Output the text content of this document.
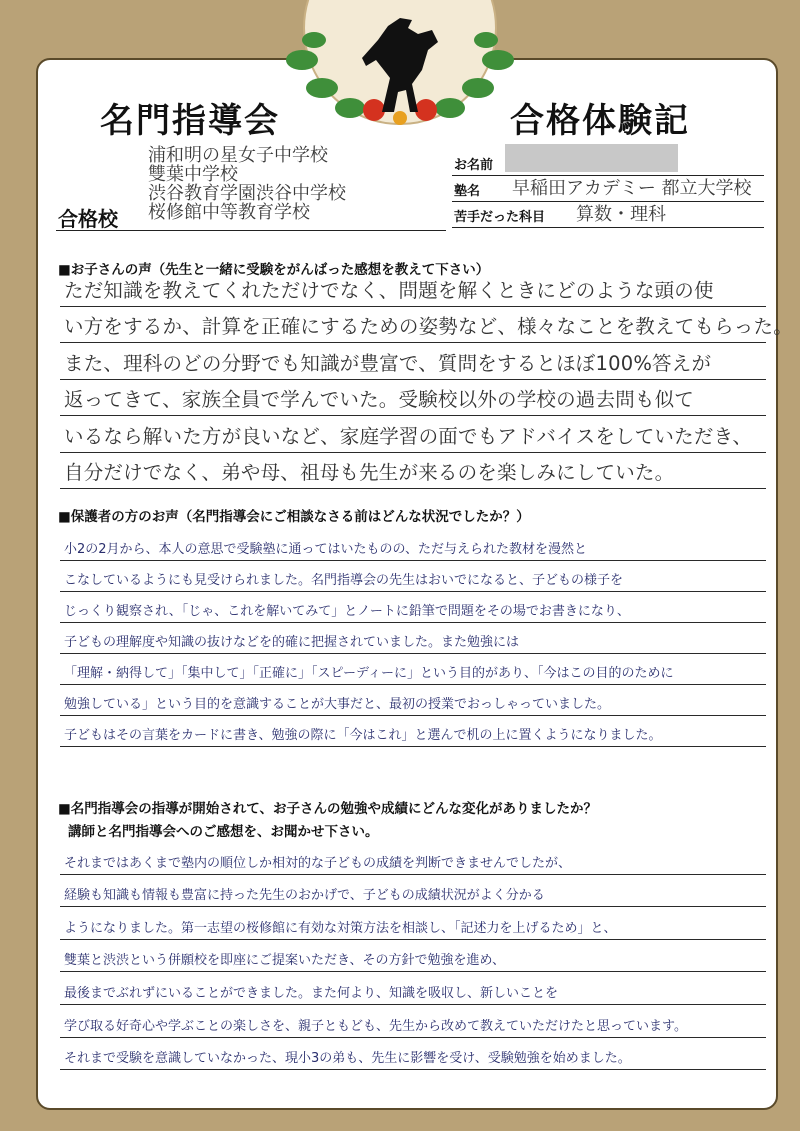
名門指導会	合格体験記
浦和明の星女子中学校
雙葉中学校
渋谷教育学園渋谷中学校
桜修館中等教育学校
合格校
お名前
塾名 早稲田アカデミー 都立大学校
苦手だった科目 算数・理科
■お子さんの声（先生と一緒に受験をがんばった感想を教えて下さい）
ただ知識を教えてくれただけでなく、問題を解くときにどのような頭の使
い方をするか、計算を正確にするための姿勢など、様々なことを教えてもらった。
また、理科のどの分野でも知識が豊富で、質問をするとほぼ100%答えが
返ってきて、家族全員で学んでいた。受験校以外の学校の過去問も似て
いるなら解いた方が良いなど、家庭学習の面でもアドバイスをしていただき、
自分だけでなく、弟や母、祖母も先生が来るのを楽しみにしていた。
■保護者の方のお声（名門指導会にご相談なさる前はどんな状況でしたか？）
小2の2月から、本人の意思で受験塾に通ってはいたものの、ただ与えられた教材を漫然と
こなしているようにも見受けられました。名門指導会の先生はおいでになると、子どもの様子を
じっくり観察され、「じゃ、これを解いてみて」とノートに鉛筆で問題をその場でお書きになり、
子どもの理解度や知識の抜けなどを的確に把握されていました。また勉強には
「理解・納得して」「集中して」「正確に」「スピーディーに」という目的があり、「今はこの目的のために
勉強している」という目的を意識することが大事だと、最初の授業でおっしゃっていました。
子どもはその言葉をカードに書き、勉強の際に「今はこれ」と選んで机の上に置くようになりました。
■名門指導会の指導が開始されて、お子さんの勉強や成績にどんな変化がありましたか？
講師と名門指導会へのご感想を、お聞かせ下さい。
それまではあくまで塾内の順位しか相対的な子どもの成績を判断できませんでしたが、
経験も知識も情報も豊富に持った先生のおかげで、子どもの成績状況がよく分かる
ようになりました。第一志望の桜修館に有効な対策方法を相談し、「記述力を上げるため」と、
雙葉と渋渋という併願校を即座にご提案いただき、その方針で勉強を進め、
最後までぶれずにいることができました。また何より、知識を吸収し、新しいことを
学び取る好奇心や学ぶことの楽しさを、親子ともども、先生から改めて教えていただけたと思っています。
それまで受験を意識していなかった、現小3の弟も、先生に影響を受け、受験勉強を始めました。
